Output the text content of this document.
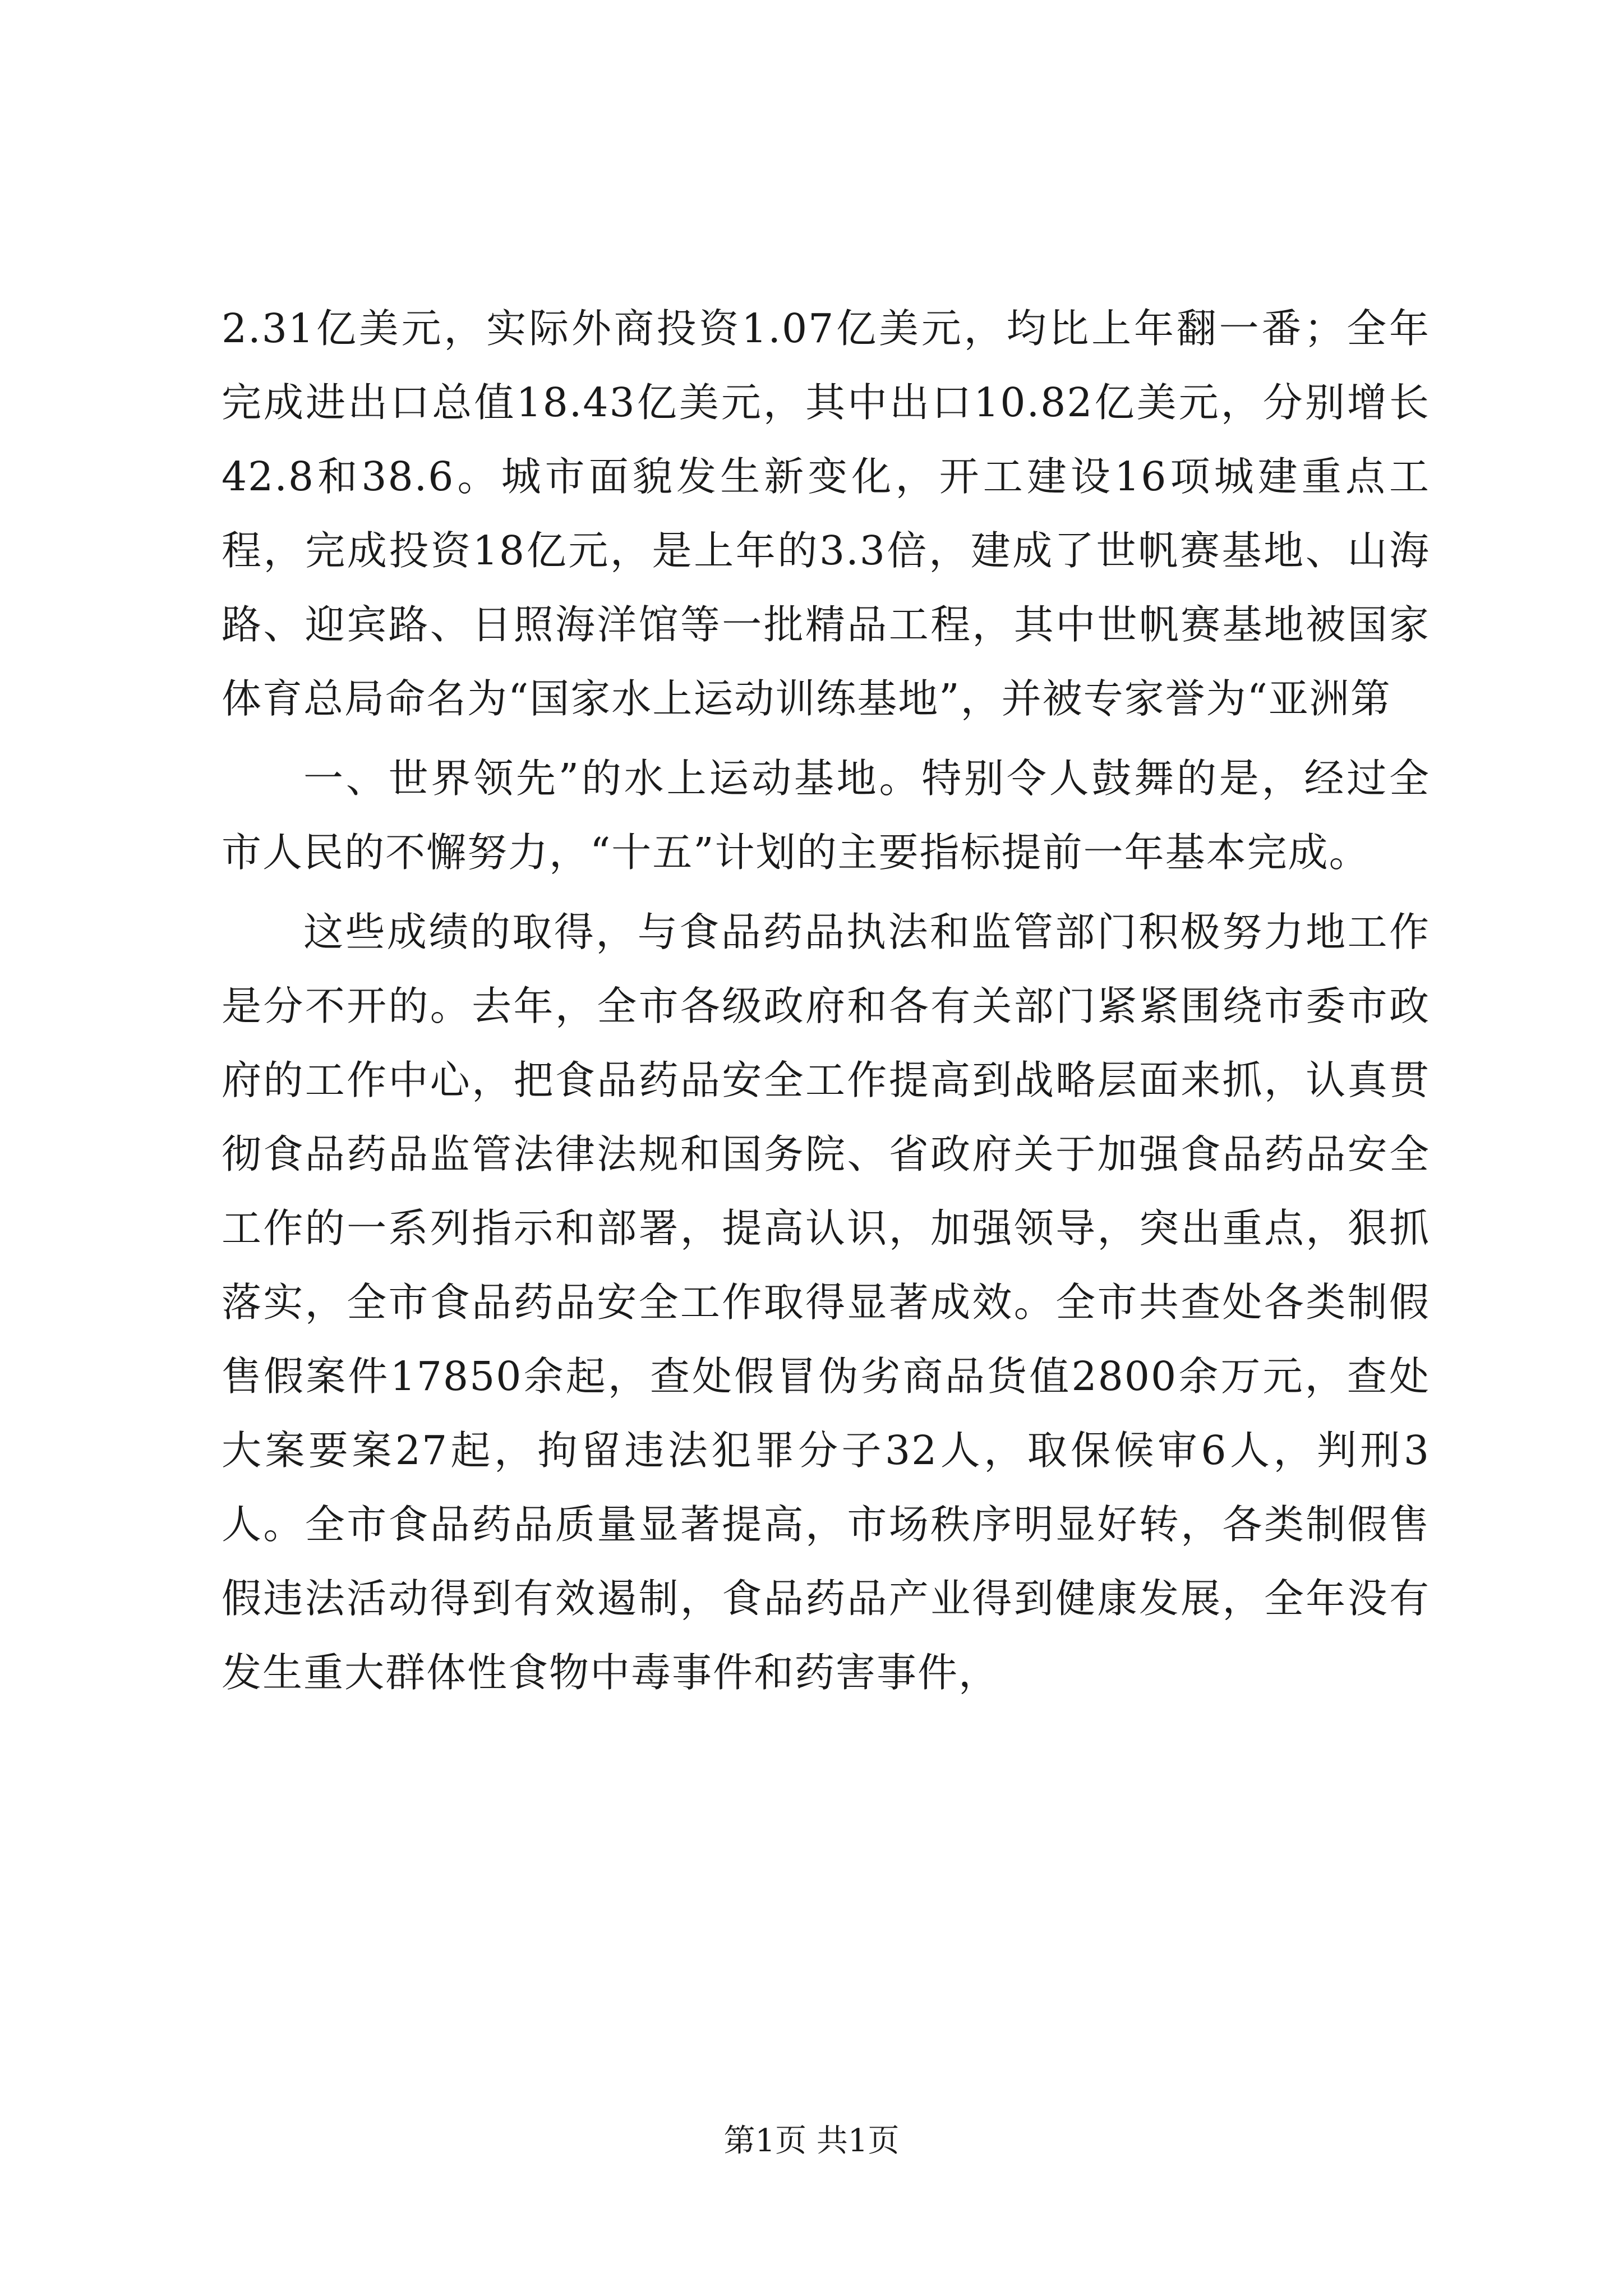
2.31亿美元，实际外商投资1.07亿美元，均比上年翻一番；全年完成进出口总值18.43亿美元，其中出口10.82亿美元，分别增长42.8和38.6。城市面貌发生新变化，开工建设16项城建重点工程，完成投资18亿元，是上年的3.3倍，建成了世帆赛基地、山海路、迎宾路、日照海洋馆等一批精品工程，其中世帆赛基地被国家体育总局命名为“国家水上运动训练基地”，并被专家誉为“亚洲第

一、世界领先”的水上运动基地。特别令人鼓舞的是，经过全市人民的不懈努力，“十五”计划的主要指标提前一年基本完成。

这些成绩的取得，与食品药品执法和监管部门积极努力地工作是分不开的。去年，全市各级政府和各有关部门紧紧围绕市委市政府的工作中心，把食品药品安全工作提高到战略层面来抓，认真贯彻食品药品监管法律法规和国务院、省政府关于加强食品药品安全工作的一系列指示和部署，提高认识，加强领导，突出重点，狠抓落实，全市食品药品安全工作取得显著成效。全市共查处各类制假售假案件17850余起，查处假冒伪劣商品货值2800余万元，查处大案要案27起，拘留违法犯罪分子32人，取保候审6人，判刑3人。全市食品药品质量显著提高，市场秩序明显好转，各类制假售假违法活动得到有效遏制，食品药品产业得到健康发展，全年没有发生重大群体性食物中毒事件和药害事件，

第1页 共1页
